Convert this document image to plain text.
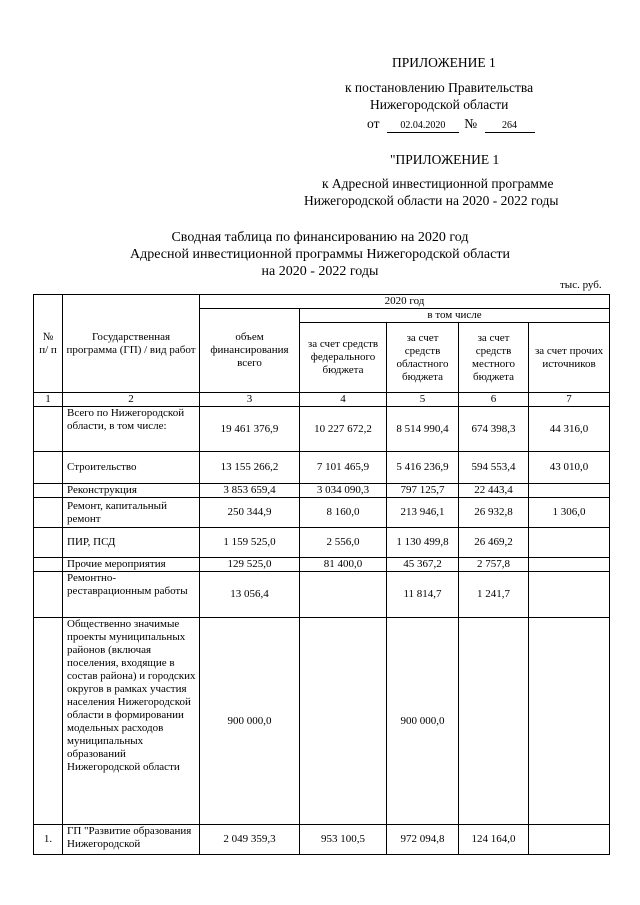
ПРИЛОЖЕНИЕ 1
к постановлению Правительства
Нижегородской области
от 02.04.2020 № 264
"ПРИЛОЖЕНИЕ 1
к Адресной инвестиционной программе
Нижегородской области на 2020 - 2022 годы
Сводная таблица по финансированию на 2020 год
Адресной инвестиционной программы Нижегородской области
на 2020 - 2022 годы
тыс. руб.
№ п/ п	Государственная программа (ГП) / вид работ	2020 год				
		объем финансирования всего	в том числе			
			за счет средств федерального бюджета	за счет средств областного бюджета	за счет средств местного бюджета	за счет прочих источников
1	2	3	4	5	6	7
	Всего по Нижегородской области, в том числе:	19 461 376,9	10 227 672,2	8 514 990,4	674 398,3	44 316,0
	Строительство	13 155 266,2	7 101 465,9	5 416 236,9	594 553,4	43 010,0
	Реконструкция	3 853 659,4	3 034 090,3	797 125,7	22 443,4	
	Ремонт, капитальный ремонт	250 344,9	8 160,0	213 946,1	26 932,8	1 306,0
	ПИР, ПСД	1 159 525,0	2 556,0	1 130 499,8	26 469,2	
	Прочие мероприятия	129 525,0	81 400,0	45 367,2	2 757,8	
	Ремонтно-реставрационным работы	13 056,4		11 814,7	1 241,7	
	Общественно значимые проекты муниципальных районов (включая поселения, входящие в состав района) и городских округов в рамках участия населения Нижегородской области в формировании модельных расходов муниципальных образований Нижегородской области	900 000,0		900 000,0		
1.	ГП "Развитие образования Нижегородской	2 049 359,3	953 100,5	972 094,8	124 164,0	
